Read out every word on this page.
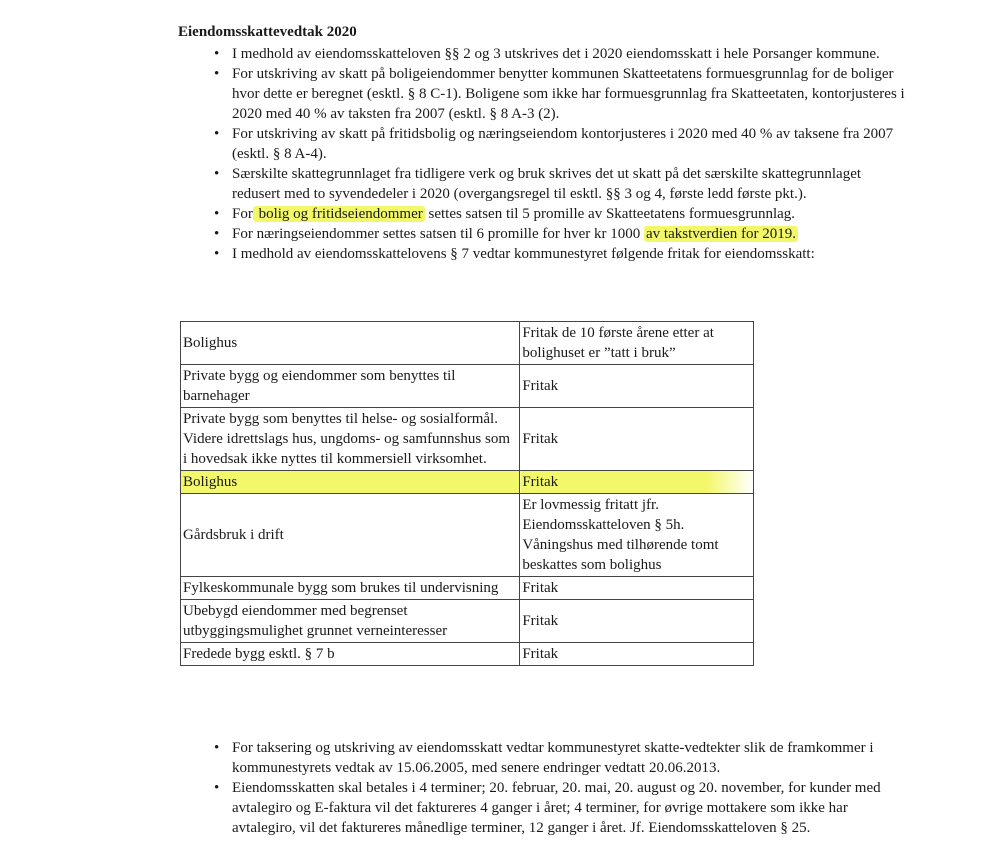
Eiendomsskattevedtak 2020
• I medhold av eiendomsskatteloven §§ 2 og 3 utskrives det i 2020 eiendomsskatt i hele Porsanger kommune.
• For utskriving av skatt på boligeiendommer benytter kommunen Skatteetatens formuesgrunnlag for de boliger hvor dette er beregnet (esktl. § 8 C-1). Boligene som ikke har formuesgrunnlag fra Skatteetaten, kontorjusteres i 2020 med 40 % av taksten fra 2007 (esktl. § 8 A-3 (2).
• For utskriving av skatt på fritidsbolig og næringseiendom kontorjusteres i 2020 med 40 % av taksene fra 2007 (esktl. § 8 A-4).
• Særskilte skattegrunnlaget fra tidligere verk og bruk skrives det ut skatt på det særskilte skattegrunnlaget redusert med to syvendedeler i 2020 (overgangsregel til esktl. §§ 3 og 4, første ledd første pkt.).
• For bolig og fritidseiendommer settes satsen til 5 promille av Skatteetatens formuesgrunnlag.
• For næringseiendommer settes satsen til 6 promille for hver kr 1000 av takstverdien for 2019.
• I medhold av eiendomsskattelovens § 7 vedtar kommunestyret følgende fritak for eiendomsskatt:
Bolighus	Fritak de 10 første årene etter at bolighuset er ”tatt i bruk”
Private bygg og eiendommer som benyttes til barnehager	Fritak
Private bygg som benyttes til helse- og sosialformål. Videre idrettslags hus, ungdoms- og samfunnshus som i hovedsak ikke nyttes til kommersiell virksomhet.	Fritak
Bolighus	Fritak
Gårdsbruk i drift	Er lovmessig fritatt jfr. Eiendomsskatteloven § 5h. Våningshus med tilhørende tomt beskattes som bolighus
Fylkeskommunale bygg som brukes til undervisning	Fritak
Ubebygd eiendommer med begrenset utbyggingsmulighet grunnet verneinteresser	Fritak
Fredede bygg esktl. § 7 b	Fritak
• For taksering og utskriving av eiendomsskatt vedtar kommunestyret skatte-vedtekter slik de framkommer i kommunestyrets vedtak av 15.06.2005, med senere endringer vedtatt 20.06.2013.
• Eiendomsskatten skal betales i 4 terminer; 20. februar, 20. mai, 20. august og 20. november, for kunder med avtalegiro og E-faktura vil det faktureres 4 ganger i året; 4 terminer, for øvrige mottakere som ikke har avtalegiro, vil det faktureres månedlige terminer, 12 ganger i året. Jf. Eiendomsskatteloven § 25.
